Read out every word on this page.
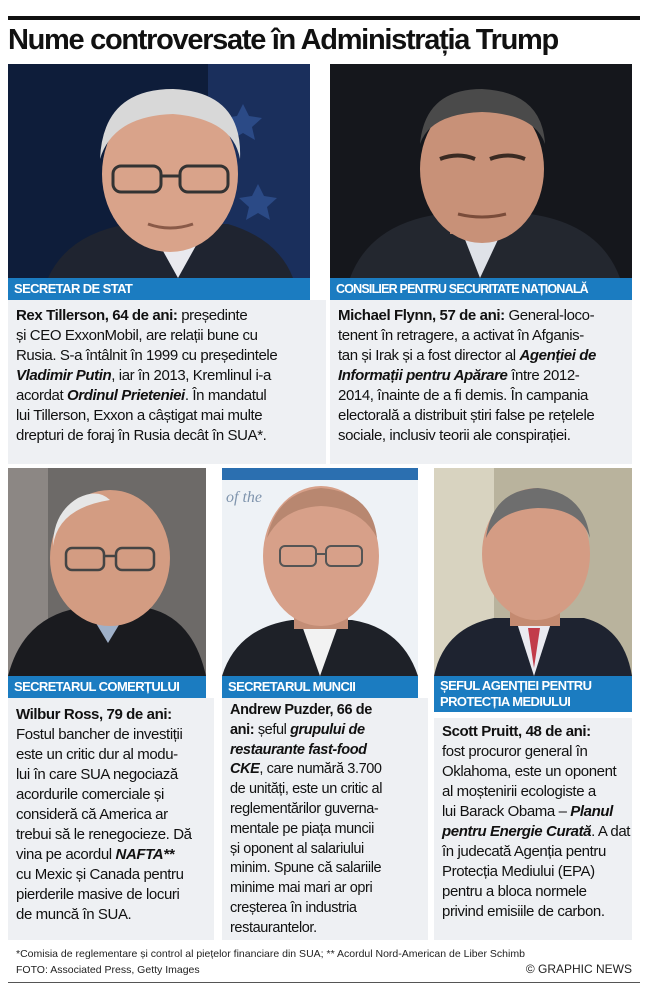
Nume controversate în Administrația Trump
SECRETAR DE STAT	CONSILIER PENTRU SECURITATE NAȚIONALĂ
Rex Tillerson, 64 de ani: președinte
și CEO ExxonMobil, are relații bune cu
Rusia. S-a întâlnit în 1999 cu președintele
Vladimir Putin, iar în 2013, Kremlinul i-a
acordat Ordinul Prieteniei. În mandatul
lui Tillerson, Exxon a câștigat mai multe
drepturi de foraj în Rusia decât în SUA*.
Michael Flynn, 57 de ani: General-loco-
tenent în retragere, a activat în Afganis-
tan și Irak și a fost director al Agenției de
Informații pentru Apărare între 2012-
2014, înainte de a fi demis. În campania
electorală a distribuit știri false pe rețelele
sociale, inclusiv teorii ale conspirației.
SECRETARUL COMERȚULUI
of the
SECRETARUL MUNCII	ȘEFUL AGENȚIEI PENTRU PROTECȚIA MEDIULUI
Wilbur Ross, 79 de ani:
Fostul bancher de investiții
este un critic dur al modu-
lui în care SUA negociază
acordurile comerciale și
consideră că America ar
trebui să le renegocieze. Dă
vina pe acordul NAFTA**
cu Mexic și Canada pentru
pierderile masive de locuri
de muncă în SUA.
Andrew Puzder, 66 de
ani: șeful grupului de
restaurante fast-food
CKE, care numără 3.700
de unități, este un critic al
reglementărilor guverna-
mentale pe piața muncii
și oponent al salariului
minim. Spune că salariile
minime mai mari ar opri
creșterea în industria
restaurantelor.
Scott Pruitt, 48 de ani:
fost procuror general în
Oklahoma, este un oponent
al moștenirii ecologiste a
lui Barack Obama – Planul
pentru Energie Curată. A dat
în judecată Agenția pentru
Protecția Mediului (EPA)
pentru a bloca normele
privind emisiile de carbon.
*Comisia de reglementare și control al piețelor financiare din SUA; ** Acordul Nord-American de Liber Schimb
FOTO: Associated Press, Getty Images	© GRAPHIC NEWS
